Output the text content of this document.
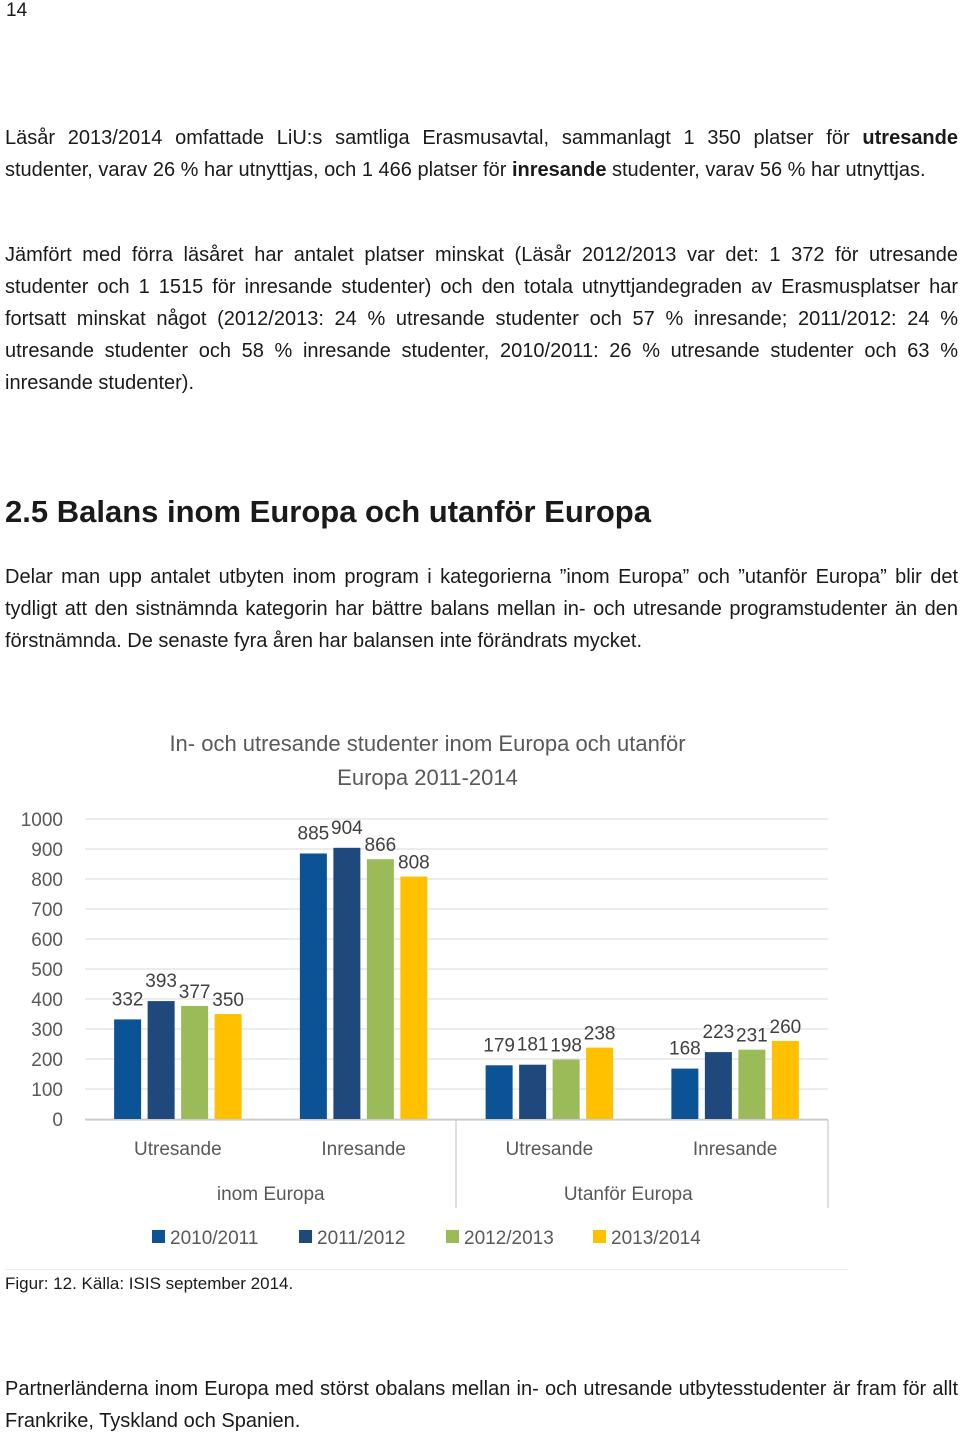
14
Läsår 2013/2014 omfattade LiU:s samtliga Erasmusavtal, sammanlagt 1 350 platser för utresande studenter, varav 26 % har utnyttjas, och 1 466 platser för inresande studenter, varav 56 % har utnyttjas.
Jämfört med förra läsåret har antalet platser minskat (Läsår 2012/2013 var det: 1 372 för utresande studenter och 1 1515 för inresande studenter) och den totala utnyttjandegraden av Erasmusplatser har fortsatt minskat något (2012/2013: 24 % utresande studenter och 57 % inresande; 2011/2012: 24 % utresande studenter och 58 % inresande studenter, 2010/2011: 26 % utresande studenter och 63 % inresande studenter).
2.5 Balans inom Europa och utanför Europa
Delar man upp antalet utbyten inom program i kategorierna ”inom Europa” och ”utanför Europa” blir det tydligt att den sistnämnda kategorin har bättre balans mellan in- och utresande programstudenter än den förstnämnda. De senaste fyra åren har balansen inte förändrats mycket.
In- och utresande studenter inom Europa och utanför
Europa 2011-2014
0
100
200
300
400
500
600
700
800
900
1000
332
393
377 350
Utresande
885 904
866
808
Inresande
179 181 198
238
Utresande
168
223 231 260
Inresande
inom Europa	Utanför Europa
2010/2011	2011/2012	2012/2013	2013/2014
Figur: 12. Källa: ISIS september 2014.
Partnerländerna inom Europa med störst obalans mellan in- och utresande utbytesstudenter är fram för allt Frankrike, Tyskland och Spanien.
